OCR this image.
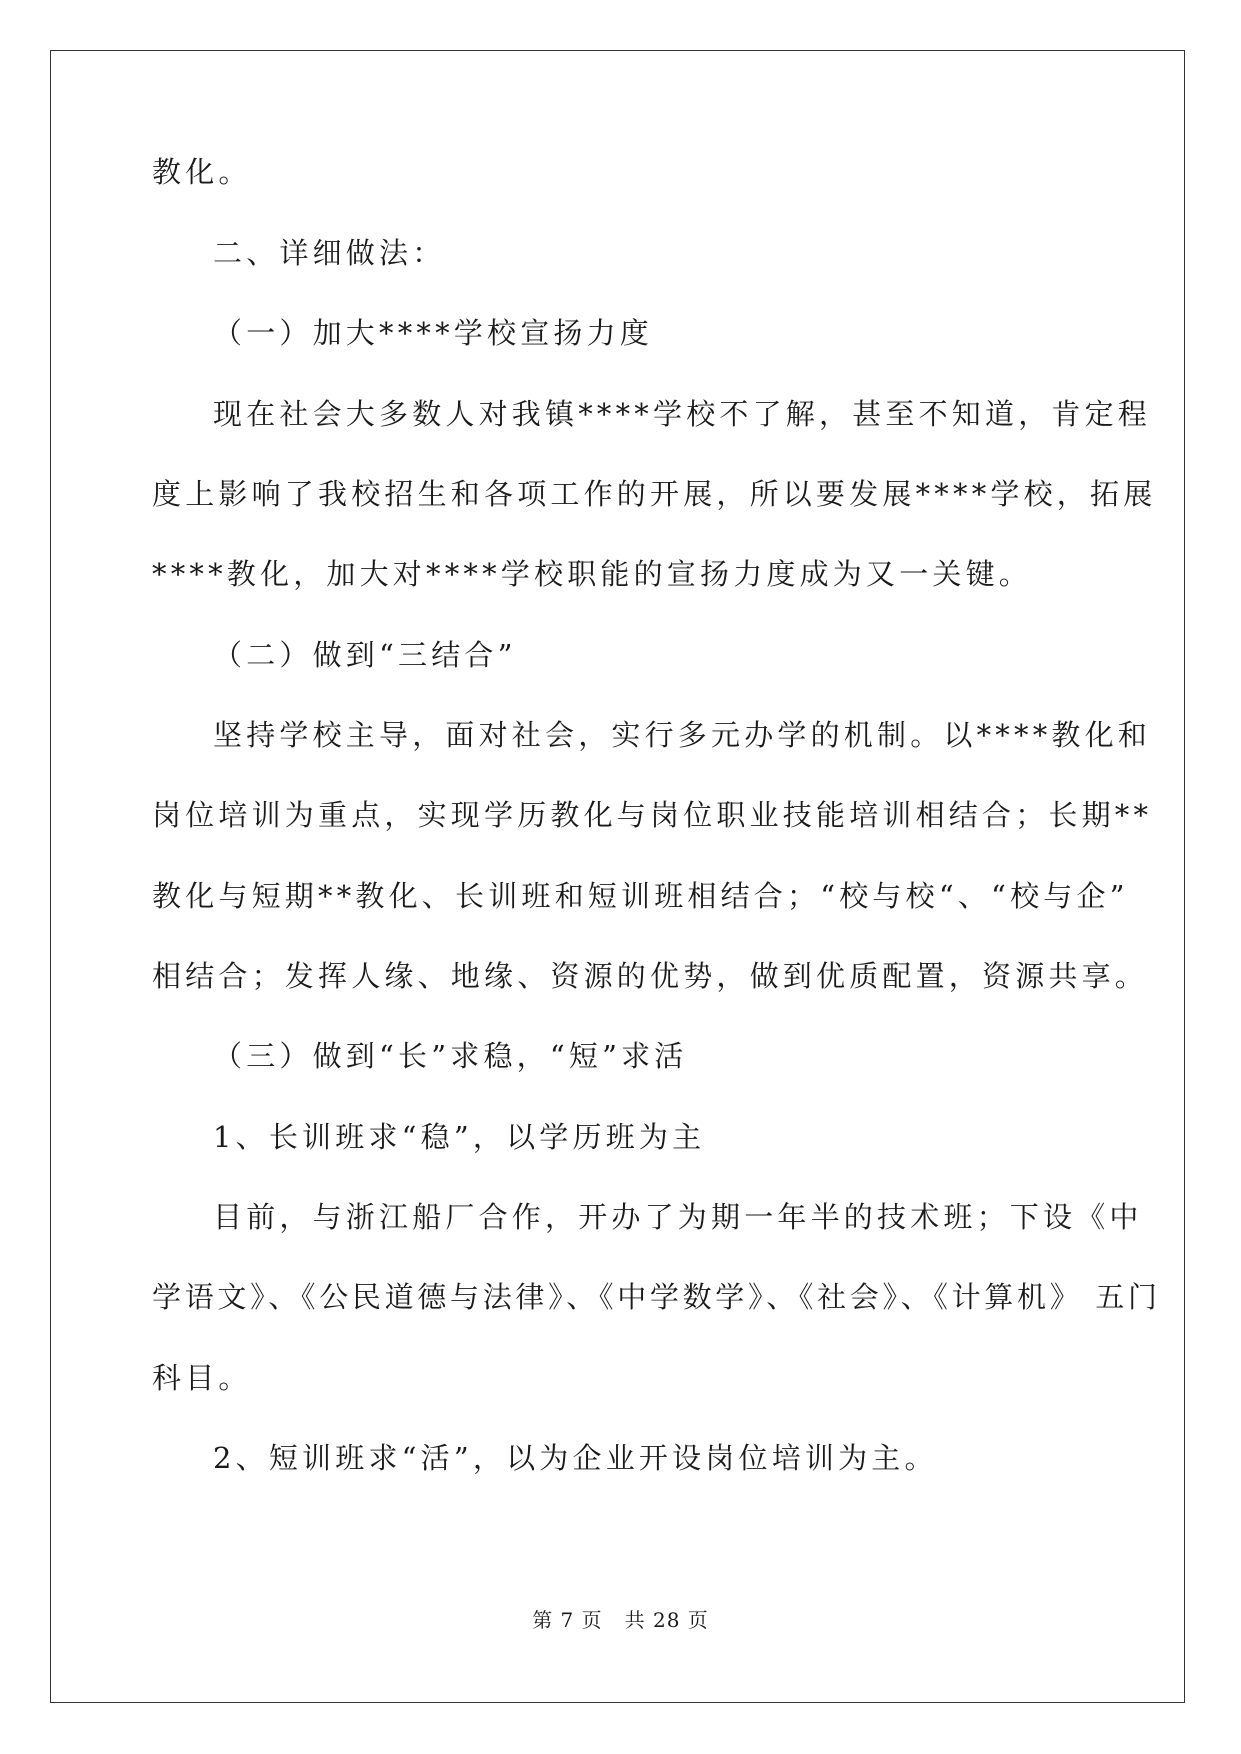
教化。
二、详细做法：
（一）加大****学校宣扬力度
现在社会大多数人对我镇****学校不了解，甚至不知道，肯定程
度上影响了我校招生和各项工作的开展，所以要发展****学校，拓展
****教化，加大对****学校职能的宣扬力度成为又一关键。
（二）做到“三结合”
坚持学校主导，面对社会，实行多元办学的机制。以****教化和
岗位培训为重点，实现学历教化与岗位职业技能培训相结合；长期**
教化与短期**教化、长训班和短训班相结合；“校与校“、“校与企”
相结合；发挥人缘、地缘、资源的优势，做到优质配置，资源共享。
（三）做到“长”求稳，“短”求活
1、长训班求“稳”，以学历班为主
目前，与浙江船厂合作，开办了为期一年半的技术班；下设《中
学语文》、《公民道德与法律》、《中学数学》、《社会》、《计算机》 五门
科目。
2、短训班求“活”，以为企业开设岗位培训为主。
第 7 页 共 28 页
